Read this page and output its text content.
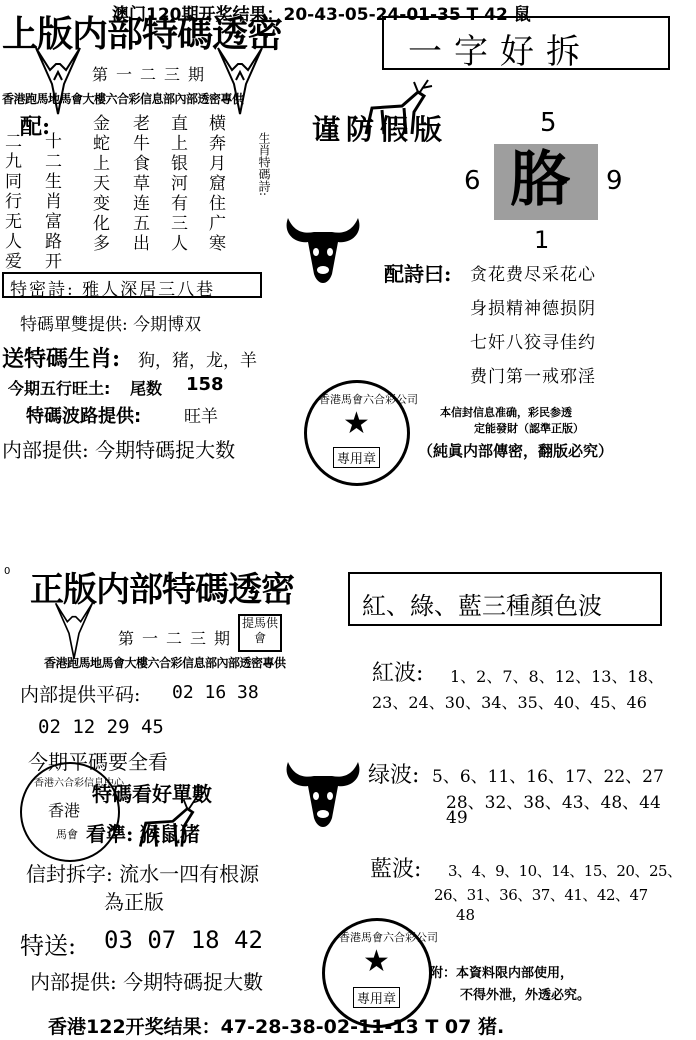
澳门120期开奖结果：20-43-05-24-01-35 T 42 鼠
上版内部特碼透密
第一二三期
香港跑馬地馬會大樓六合彩信息部內部透密專供
配:
二九同行无人爱 十二生肖富路开 金蛇上天变化多 老牛食草连五出 直上银河有三人 横奔月窟住广寒	生肖特碼詩:
特密詩: 雅人深居三八巷
特碼單雙提供: 今期博双
送特碼生肖: 狗，猪，龙，羊
今期五行旺土: 尾数 158
特碼波路提供:	旺羊
内部提供: 今期特碼捉大数
一字好拆
谨防假版	5
6 胳 9
1
配詩曰: 贪花费尽采花心
身损精神德损阴
七奸八狡寻佳约
费门第一戒邪淫
香港馬會六合彩公司
★
專用章
本信封信息准确，彩民参透
定能發財（認準正版）
（純眞内部傳密，翻版必究）
0 正版内部特碼透密
第一二三期
提馬供會
香港跑馬地馬會大樓六合彩信息部內部透密專供
内部提供平码: 02 16 38
02 12 29 45
今期平碼要全看
香港六合彩信息中心
香港
馬會
特碼看好單數
看準: 猴鼠猪
信封拆字: 流水一四有根源
為正版
特送: 03 07 18 42
内部提供: 今期特碼捉大數
紅、綠、藍三種顏色波
紅波: 1、2、7、8、12、13、18、
23、24、30、34、35、40、45、46
绿波: 5、6、11、16、17、22、27
28、32、38、43、48、44
49
藍波: 3、4、9、10、14、15、20、25、
26、31、36、37、41、42、47
48
香港馬會六合彩公司
★
專用章
附：本資料限内部使用，
不得外泄，外透必究。
香港122开奖结果：47-28-38-02-11-13 T 07 猪.
